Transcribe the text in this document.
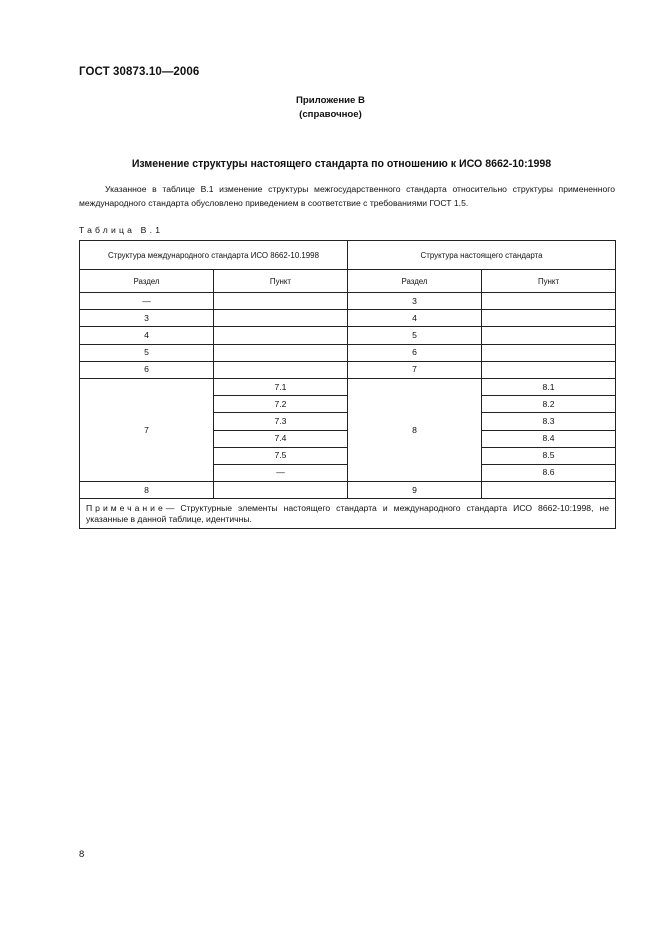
ГОСТ 30873.10—2006
Приложение В
(справочное)
Изменение структуры настоящего стандарта по отношению к ИСО 8662-10:1998
Указанное в таблице В.1 изменение структуры межгосударственного стандарта относительно структуры примененного международного стандарта обусловлено приведением в соответствие с требованиями ГОСТ 1.5.
Таблица В.1
Структура международного стандарта ИСО 8662-10.1998		Структура настоящего стандарта	
Раздел	Пункт	Раздел	Пункт
—		3	
3		4	
4		5	
5		6	
6		7	
7	7.1	8	8.1
	7.2		8.2
	7.3		8.3
	7.4		8.4
	7.5		8.5
	—		8.6
8		9	
Примечание— Структурные элементы настоящего стандарта и международного стандарта ИСО 8662-10:1998, не указанные в данной таблице, идентичны.			
8
